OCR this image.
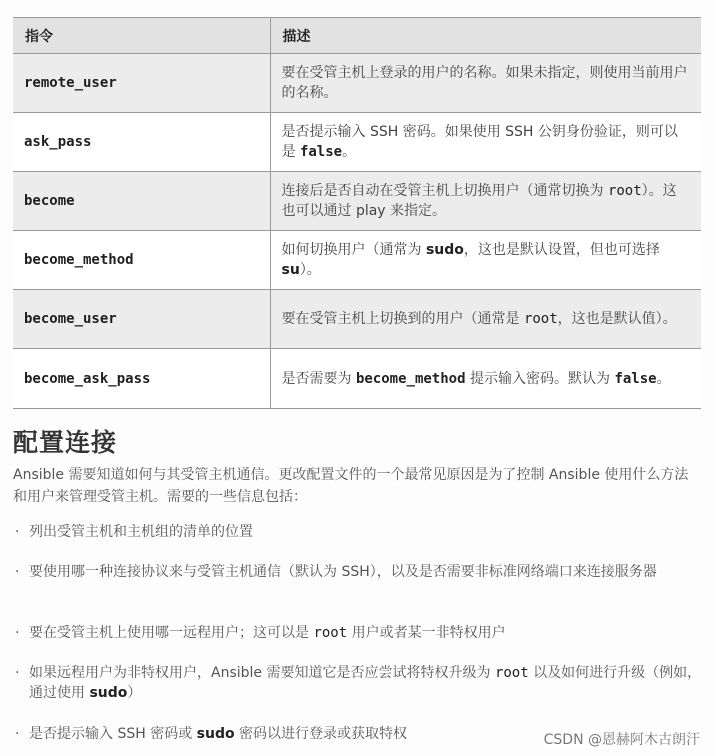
指令	描述
remote_user	要在受管主机上登录的用户的名称。如果未指定，则使用当前用户的名称。
ask_pass	是否提示输入 SSH 密码。如果使用 SSH 公钥身份验证，则可以是 false。
become	连接后是否自动在受管主机上切换用户（通常切换为 root）。这也可以通过 play 来指定。
become_method	如何切换用户（通常为 sudo，这也是默认设置，但也可选择 su）。
become_user	要在受管主机上切换到的用户（通常是 root，这也是默认值）。
become_ask_pass	是否需要为 become_method 提示输入密码。默认为 false。
配置连接

Ansible 需要知道如何与其受管主机通信。更改配置文件的一个最常见原因是为了控制 Ansible 使用什么方法和用户来管理受管主机。需要的一些信息包括：

· 列出受管主机和主机组的清单的位置
· 要使用哪一种连接协议来与受管主机通信（默认为 SSH），以及是否需要非标准网络端口来连接服务器
· 要在受管主机上使用哪一远程用户；这可以是 root 用户或者某一非特权用户
· 如果远程用户为非特权用户，Ansible 需要知道它是否应尝试将特权升级为 root 以及如何进行升级（例如，通过使用 sudo）
· 是否提示输入 SSH 密码或 sudo 密码以进行登录或获取特权	CSDN @恩赫阿木古朗汗
